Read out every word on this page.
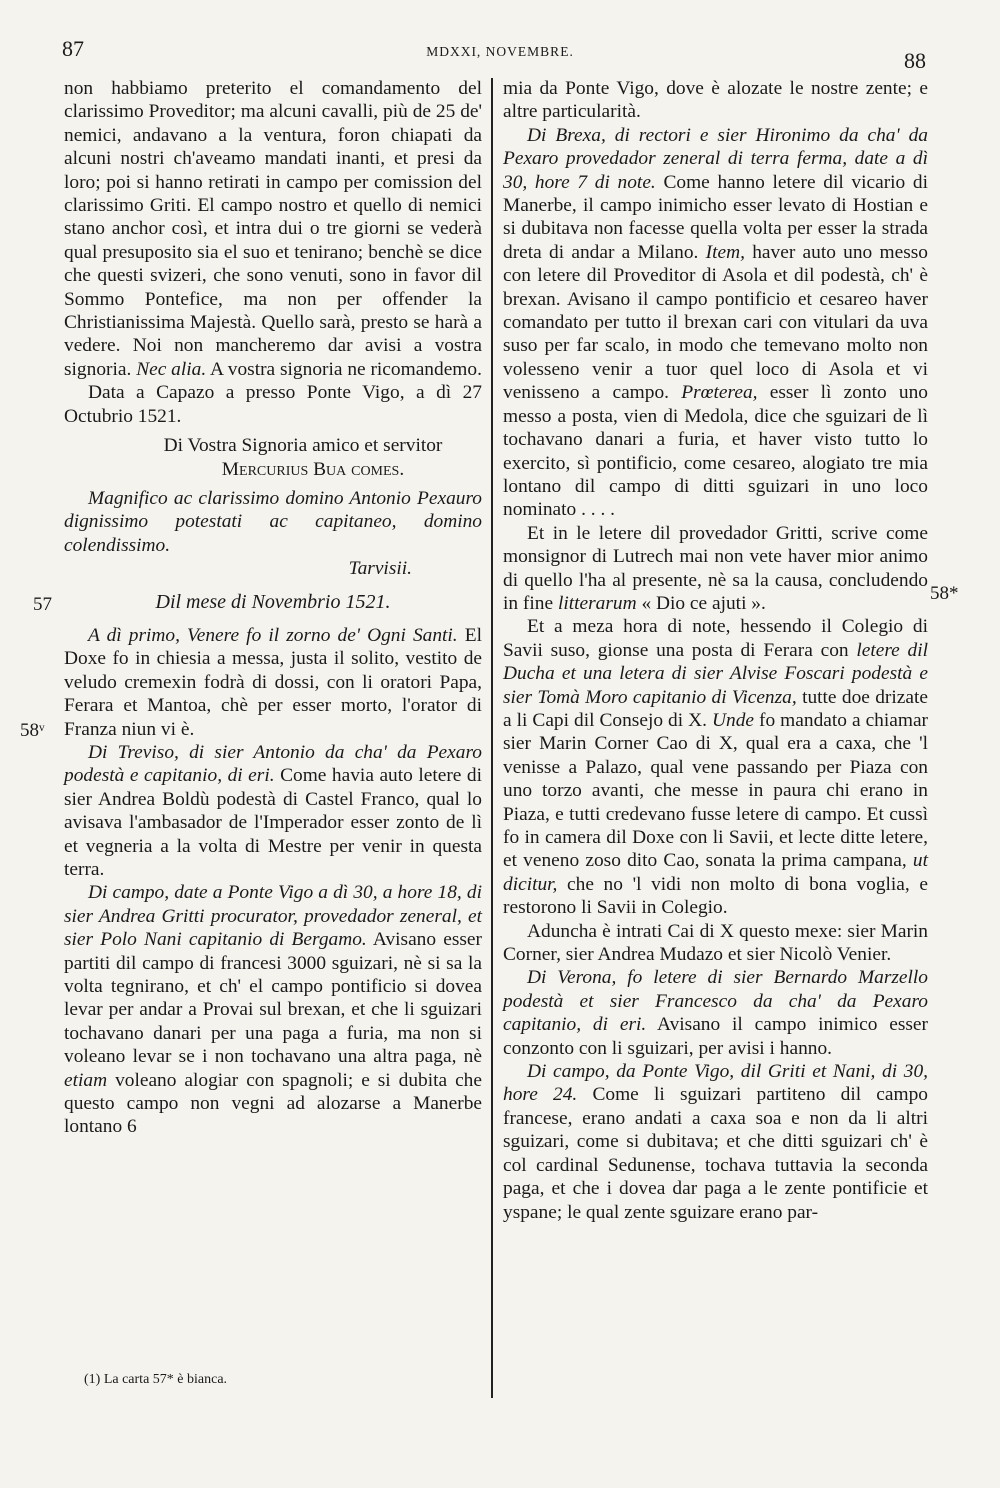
87	MDXXI, NOVEMBRE.	88
57
58ᵛ
58*

non habbiamo preterito el comandamento del clarissimo Proveditor; ma alcuni cavalli, più de 25 de' nemici, andavano a la ventura, foron chiapati da alcuni nostri ch'aveamo mandati inanti, et presi da loro; poi si hanno retirati in campo per comission del clarissimo Griti. El campo nostro et quello di nemici stano anchor così, et intra dui o tre giorni se vederà qual presuposito sia el suo et tenirano; benchè se dice che questi svizeri, che sono venuti, sono in favor dil Sommo Pontefice, ma non per offender la Christianissima Majestà. Quello sarà, presto se harà a vedere. Noi non mancheremo dar avisi a vostra signoria. Nec alia. A vostra signoria ne ricomandemo.

Data a Capazo a presso Ponte Vigo, a dì 27 Octubrio 1521.

Di Vostra Signoria amico et servitor

Mercurius Bua comes.

Magnifico ac clarissimo domino Antonio Pexauro dignissimo potestati ac capitaneo, domino colendissimo.

Tarvisii.

Dil mese di Novembrio 1521.

A dì primo, Venere fo il zorno de' Ogni Santi. El Doxe fo in chiesia a messa, justa il solito, vestito de veludo cremexin fodrà di dossi, con li oratori Papa, Ferara et Mantoa, chè per esser morto, l'orator di Franza niun vi è.

Di Treviso, di sier Antonio da cha' da Pexaro podestà e capitanio, di eri. Come havia auto letere di sier Andrea Boldù podestà di Castel Franco, qual lo avisava l'ambasador de l'Imperador esser zonto de lì et vegneria a la volta di Mestre per venir in questa terra.

Di campo, date a Ponte Vigo a dì 30, a hore 18, di sier Andrea Gritti procurator, provedador zeneral, et sier Polo Nani capitanio di Bergamo. Avisano esser partiti dil campo di francesi 3000 sguizari, nè si sa la volta tegnirano, et ch' el campo pontificio si dovea levar per andar a Provai sul brexan, et che li sguizari tochavano danari per una paga a furia, ma non si voleano levar se i non tochavano una altra paga, nè etiam voleano alogiar con spagnoli; e si dubita che questo campo non vegni ad alozarse a Manerbe lontano 6

(1) La carta 57* è bianca.

mia da Ponte Vigo, dove è alozate le nostre zente; e altre particularità.

Di Brexa, di rectori e sier Hironimo da cha' da Pexaro provedador zeneral di terra ferma, date a dì 30, hore 7 di note. Come hanno letere dil vicario di Manerbe, il campo inimicho esser levato di Hostian e si dubitava non facesse quella volta per esser la strada dreta di andar a Milano. Item, haver auto uno messo con letere dil Proveditor di Asola et dil podestà, ch' è brexan. Avisano il campo pontificio et cesareo haver comandato per tutto il brexan cari con vitulari da uva suso per far scalo, in modo che temevano molto non volesseno venir a tuor quel loco di Asola et vi venisseno a campo. Prœterea, esser lì zonto uno messo a posta, vien di Medola, dice che sguizari de lì tochavano danari a furia, et haver visto tutto lo exercito, sì pontificio, come cesareo, alogiato tre mia lontano dil campo di ditti sguizari in uno loco nominato . . . .

Et in le letere dil provedador Gritti, scrive come monsignor di Lutrech mai non vete haver mior animo di quello l'ha al presente, nè sa la causa, concludendo in fine litterarum « Dio ce ajuti ».

Et a meza hora di note, hessendo il Colegio di Savii suso, gionse una posta di Ferara con letere dil Ducha et una letera di sier Alvise Foscari podestà e sier Tomà Moro capitanio di Vicenza, tutte doe drizate a li Capi dil Consejo di X. Unde fo mandato a chiamar sier Marin Corner Cao di X, qual era a caxa, che 'l venisse a Palazo, qual vene passando per Piaza con uno torzo avanti, che messe in paura chi erano in Piaza, e tutti credevano fusse letere di campo. Et cussì fo in camera dil Doxe con li Savii, et lecte ditte letere, et veneno zoso dito Cao, sonata la prima campana, ut dicitur, che no 'l vidi non molto di bona voglia, e restorono li Savii in Colegio.

Aduncha è intrati Cai di X questo mexe: sier Marin Corner, sier Andrea Mudazo et sier Nicolò Venier.

Di Verona, fo letere di sier Bernardo Marzello podestà et sier Francesco da cha' da Pexaro capitanio, di eri. Avisano il campo inimico esser conzonto con li sguizari, per avisi i hanno.

Di campo, da Ponte Vigo, dil Griti et Nani, di 30, hore 24. Come li sguizari partiteno dil campo francese, erano andati a caxa soa e non da li altri sguizari, come si dubitava; et che ditti sguizari ch' è col cardinal Sedunense, tochava tuttavia la seconda paga, et che i dovea dar paga a le zente pontificie et yspane; le qual zente sguizare erano par-
